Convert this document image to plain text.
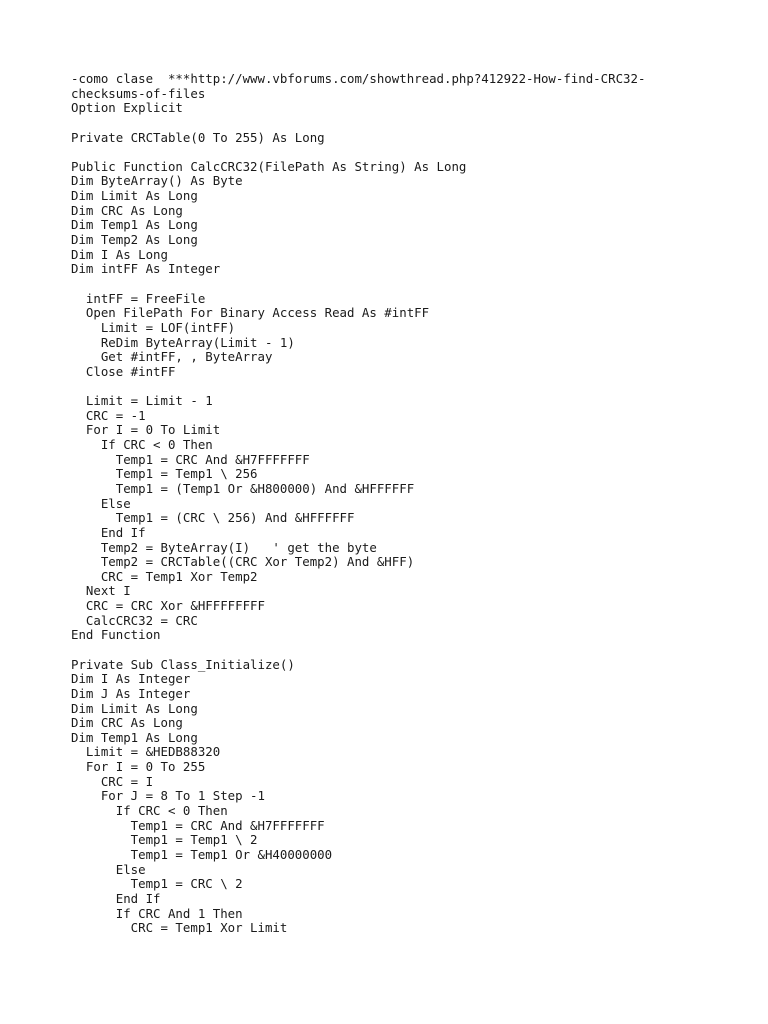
-como clase  ***http://www.vbforums.com/showthread.php?412922-How-find-CRC32-
checksums-of-files
Option Explicit
Private CRCTable(0 To 255) As Long
Public Function CalcCRC32(FilePath As String) As Long
Dim ByteArray() As Byte
Dim Limit As Long
Dim CRC As Long
Dim Temp1 As Long
Dim Temp2 As Long
Dim I As Long
Dim intFF As Integer
intFF = FreeFile
Open FilePath For Binary Access Read As #intFF
Limit = LOF(intFF)
ReDim ByteArray(Limit - 1)
Get #intFF, , ByteArray
Close #intFF
Limit = Limit - 1
CRC = -1
For I = 0 To Limit
If CRC < 0 Then
Temp1 = CRC And &H7FFFFFFF
Temp1 = Temp1 \ 256
Temp1 = (Temp1 Or &H800000) And &HFFFFFF
Else
Temp1 = (CRC \ 256) And &HFFFFFF
End If
Temp2 = ByteArray(I)   ' get the byte
Temp2 = CRCTable((CRC Xor Temp2) And &HFF)
CRC = Temp1 Xor Temp2
Next I
CRC = CRC Xor &HFFFFFFFF
CalcCRC32 = CRC
End Function
Private Sub Class_Initialize()
Dim I As Integer
Dim J As Integer
Dim Limit As Long
Dim CRC As Long
Dim Temp1 As Long
Limit = &HEDB88320
For I = 0 To 255
CRC = I
For J = 8 To 1 Step -1
If CRC < 0 Then
Temp1 = CRC And &H7FFFFFFF
Temp1 = Temp1 \ 2
Temp1 = Temp1 Or &H40000000
Else
Temp1 = CRC \ 2
End If
If CRC And 1 Then
CRC = Temp1 Xor Limit
